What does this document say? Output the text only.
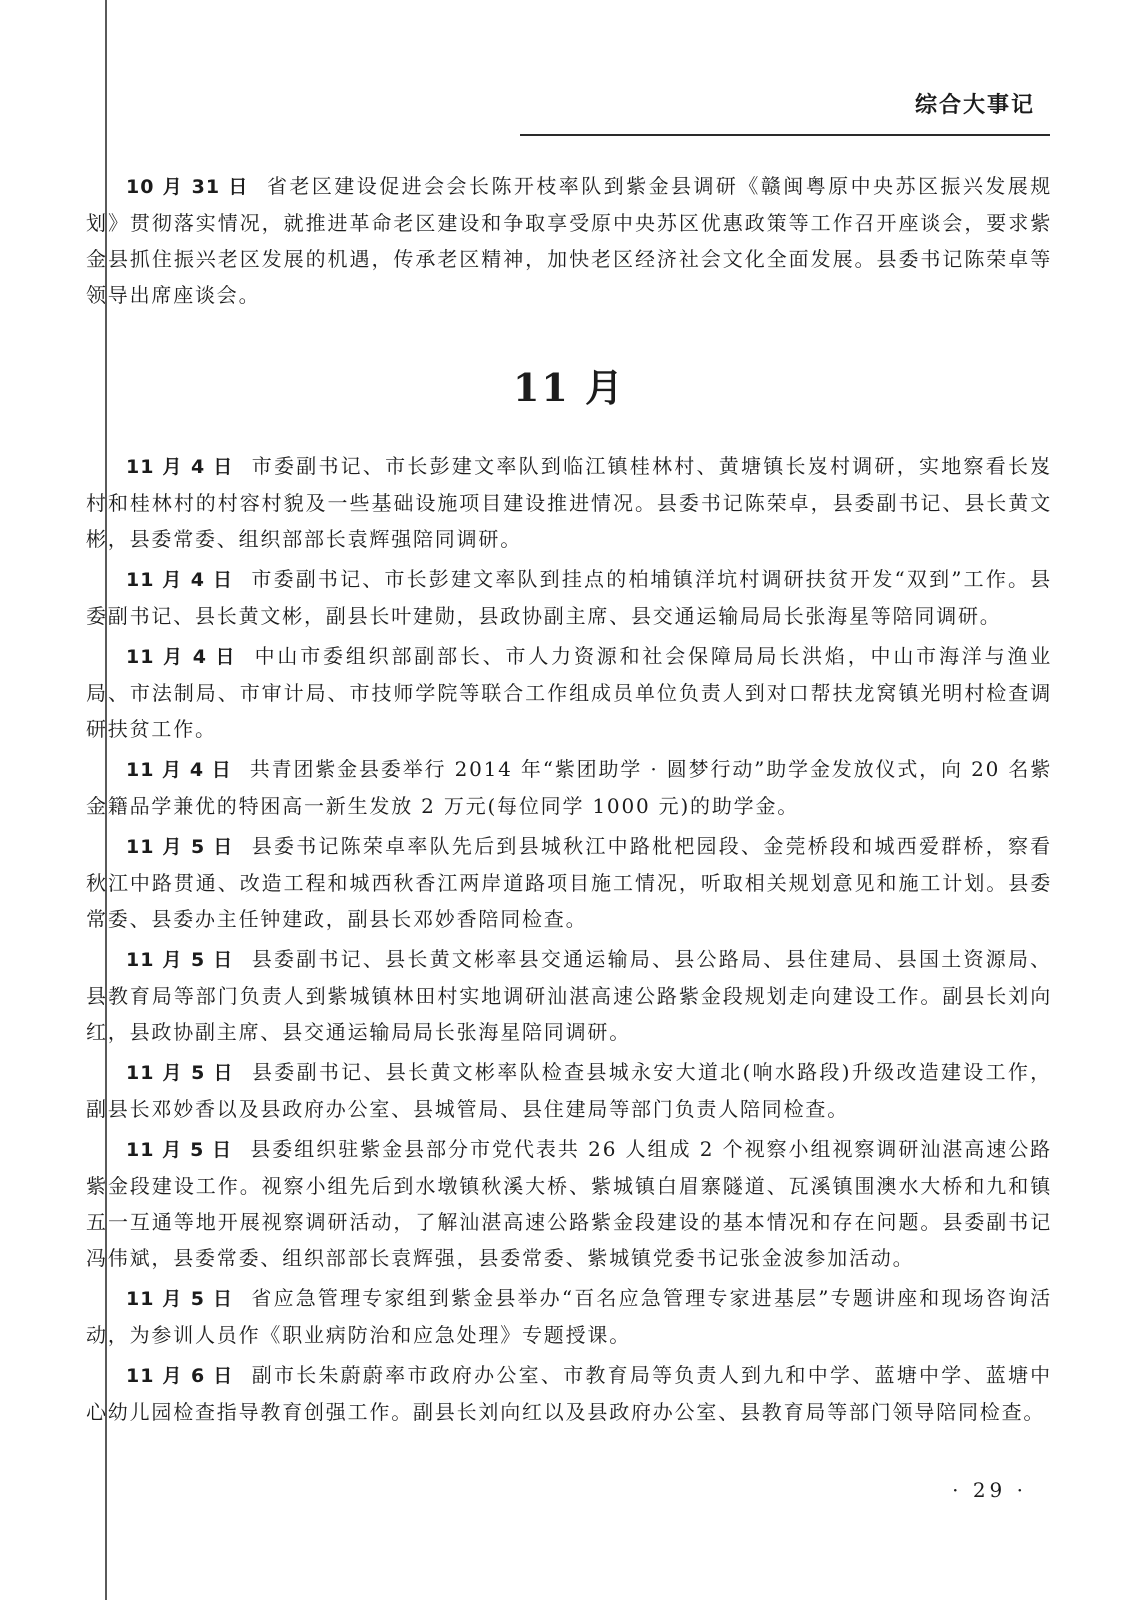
综合大事记

10 月 31 日 省老区建设促进会会长陈开枝率队到紫金县调研《赣闽粤原中央苏区振兴发展规划》贯彻落实情况，就推进革命老区建设和争取享受原中央苏区优惠政策等工作召开座谈会，要求紫金县抓住振兴老区发展的机遇，传承老区精神，加快老区经济社会文化全面发展。县委书记陈荣卓等领导出席座谈会。

11 月

11 月 4 日 市委副书记、市长彭建文率队到临江镇桂林村、黄塘镇长岌村调研，实地察看长岌村和桂林村的村容村貌及一些基础设施项目建设推进情况。县委书记陈荣卓，县委副书记、县长黄文彬，县委常委、组织部部长袁辉强陪同调研。

11 月 4 日 市委副书记、市长彭建文率队到挂点的柏埔镇洋坑村调研扶贫开发“双到”工作。县委副书记、县长黄文彬，副县长叶建勋，县政协副主席、县交通运输局局长张海星等陪同调研。

11 月 4 日 中山市委组织部副部长、市人力资源和社会保障局局长洪焰，中山市海洋与渔业局、市法制局、市审计局、市技师学院等联合工作组成员单位负责人到对口帮扶龙窝镇光明村检查调研扶贫工作。

11 月 4 日 共青团紫金县委举行 2014 年“紫团助学 · 圆梦行动”助学金发放仪式，向 20 名紫金籍品学兼优的特困高一新生发放 2 万元(每位同学 1000 元)的助学金。

11 月 5 日 县委书记陈荣卓率队先后到县城秋江中路枇杷园段、金莞桥段和城西爱群桥，察看秋江中路贯通、改造工程和城西秋香江两岸道路项目施工情况，听取相关规划意见和施工计划。县委常委、县委办主任钟建政，副县长邓妙香陪同检查。

11 月 5 日 县委副书记、县长黄文彬率县交通运输局、县公路局、县住建局、县国土资源局、县教育局等部门负责人到紫城镇林田村实地调研汕湛高速公路紫金段规划走向建设工作。副县长刘向红，县政协副主席、县交通运输局局长张海星陪同调研。

11 月 5 日 县委副书记、县长黄文彬率队检查县城永安大道北(响水路段)升级改造建设工作，副县长邓妙香以及县政府办公室、县城管局、县住建局等部门负责人陪同检查。

11 月 5 日 县委组织驻紫金县部分市党代表共 26 人组成 2 个视察小组视察调研汕湛高速公路紫金段建设工作。视察小组先后到水墩镇秋溪大桥、紫城镇白眉寨隧道、瓦溪镇围澳水大桥和九和镇五一互通等地开展视察调研活动，了解汕湛高速公路紫金段建设的基本情况和存在问题。县委副书记冯伟斌，县委常委、组织部部长袁辉强，县委常委、紫城镇党委书记张金波参加活动。

11 月 5 日 省应急管理专家组到紫金县举办“百名应急管理专家进基层”专题讲座和现场咨询活动，为参训人员作《职业病防治和应急处理》专题授课。

11 月 6 日 副市长朱蔚蔚率市政府办公室、市教育局等负责人到九和中学、蓝塘中学、蓝塘中心幼儿园检查指导教育创强工作。副县长刘向红以及县政府办公室、县教育局等部门领导陪同检查。

· 29 ·
